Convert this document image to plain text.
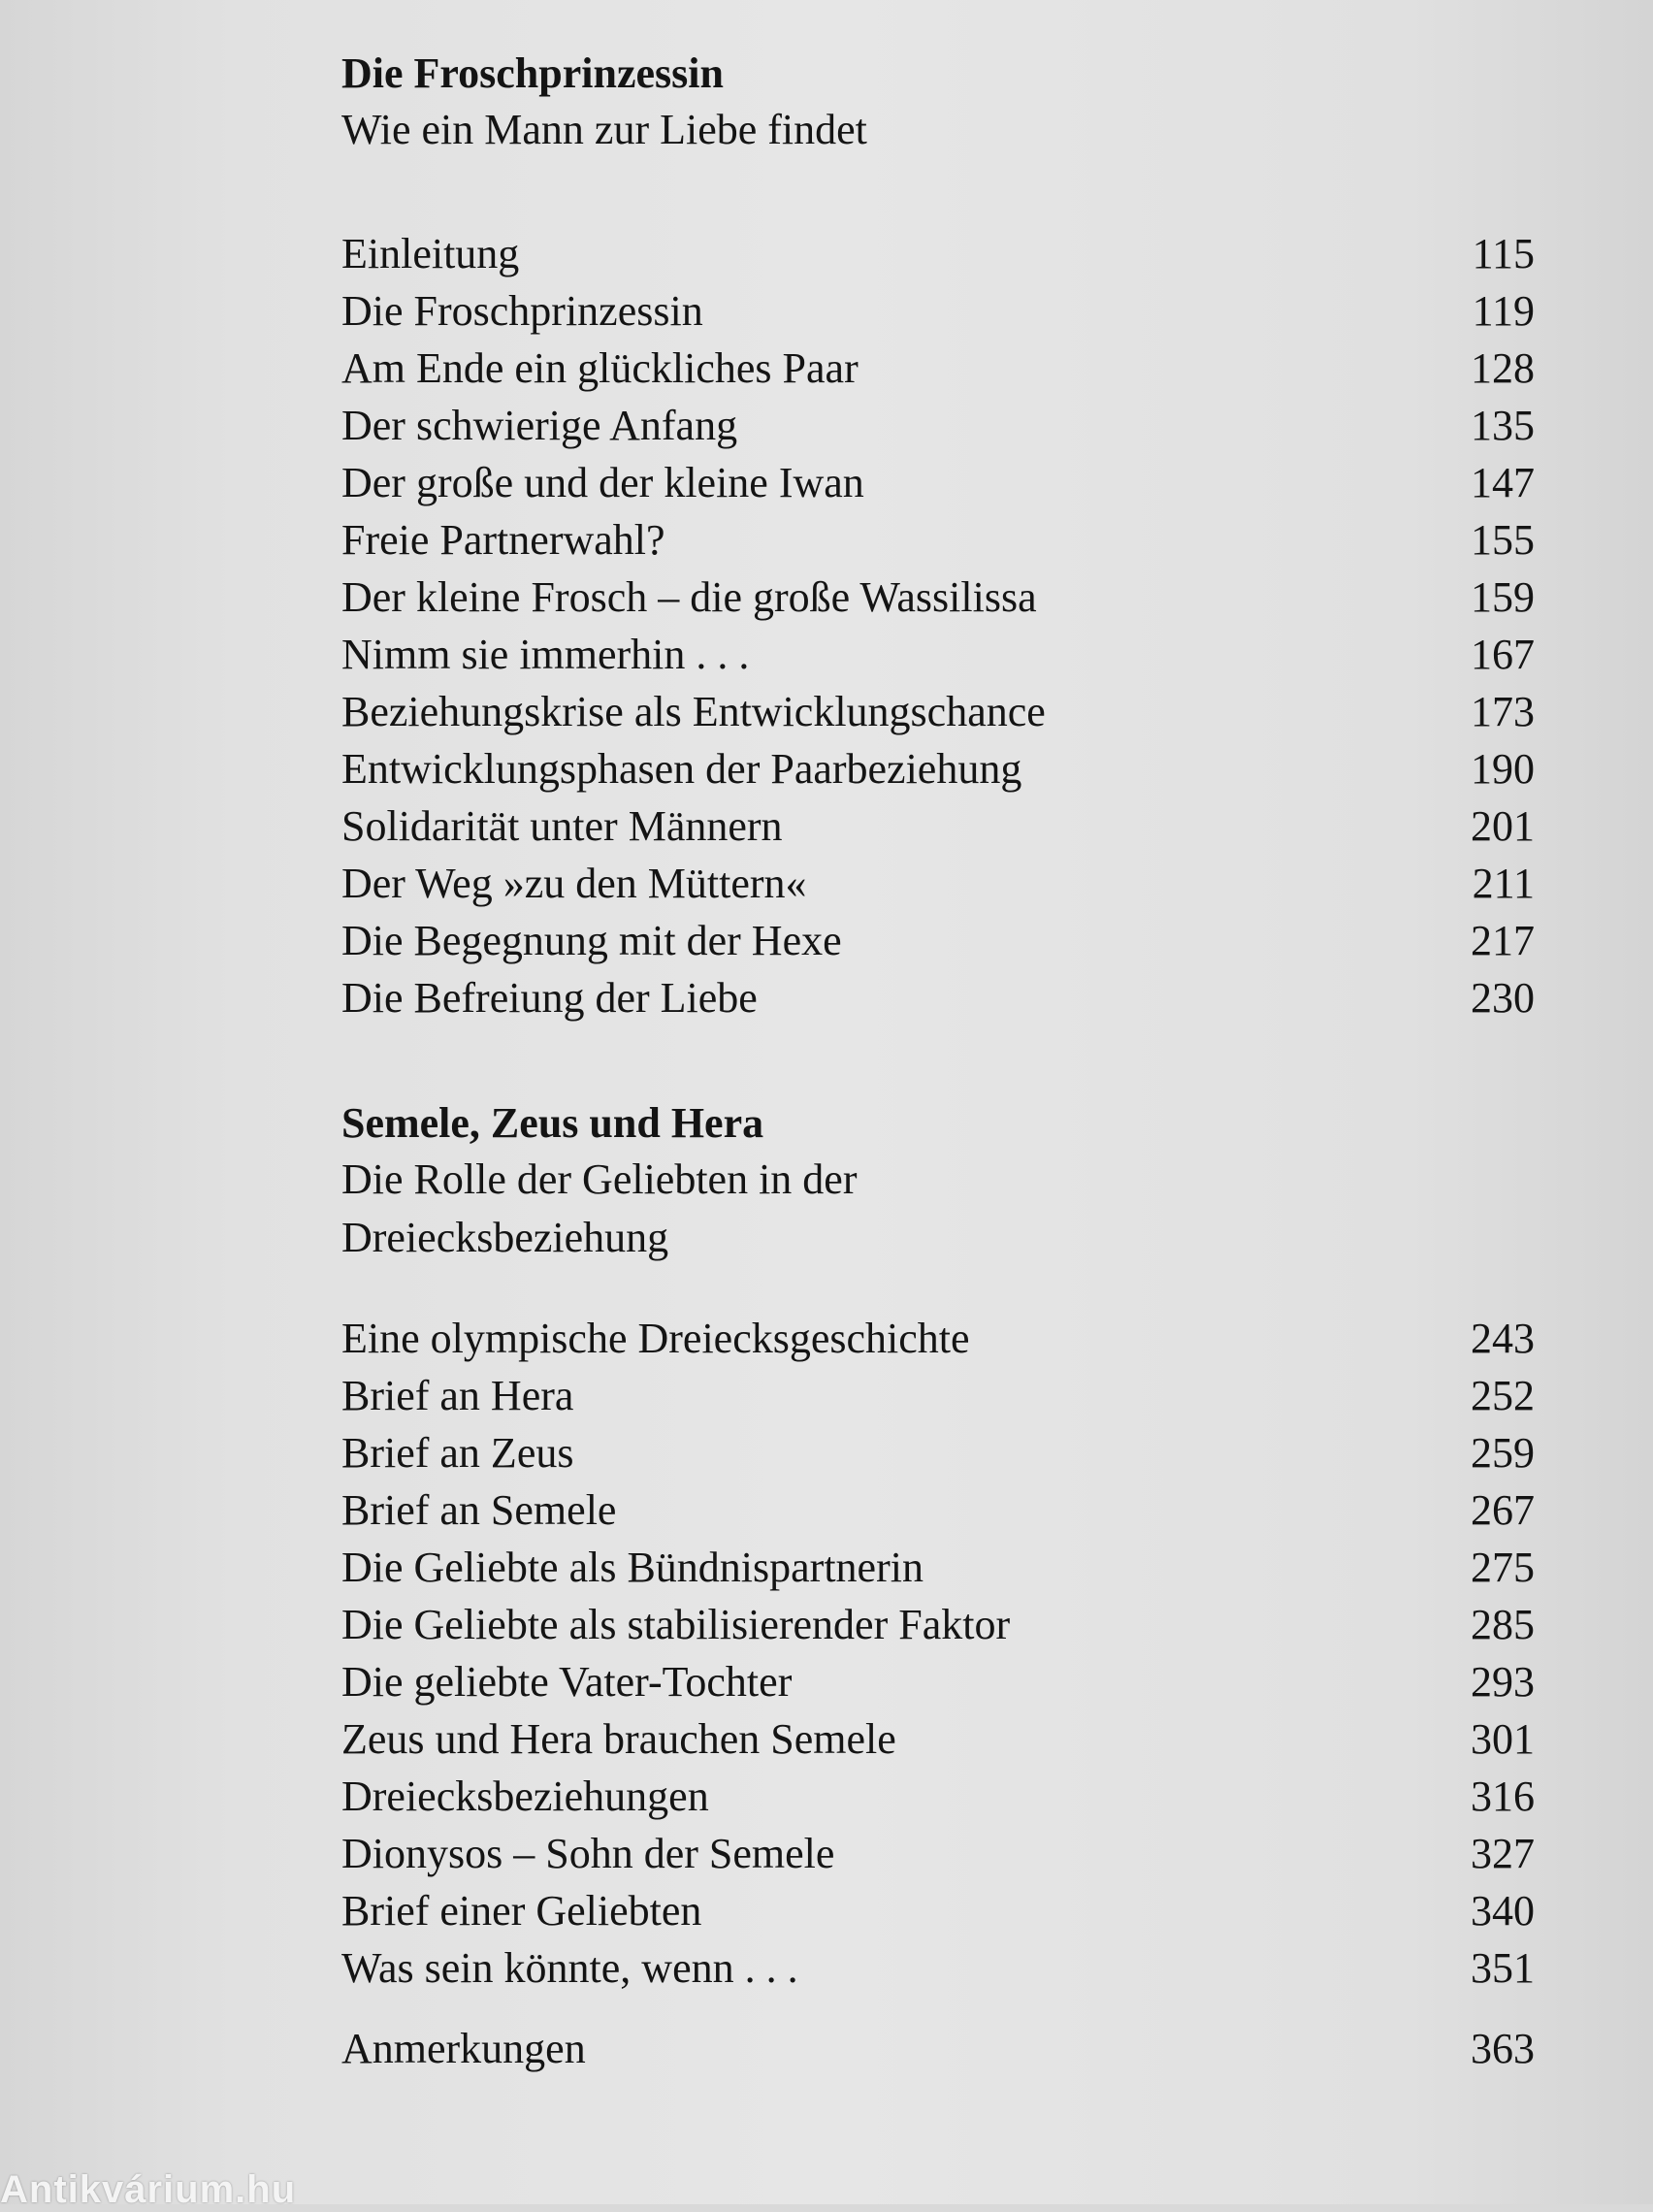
Die Froschprinzessin

Wie ein Mann zur Liebe findet

Einleitung	115
Die Froschprinzessin	119
Am Ende ein glückliches Paar	128
Der schwierige Anfang	135
Der große und der kleine Iwan	147
Freie Partnerwahl?	155
Der kleine Frosch – die große Wassilissa	159
Nimm sie immerhin . . .	167
Beziehungskrise als Entwicklungschance	173
Entwicklungsphasen der Paarbeziehung	190
Solidarität unter Männern	201
Der Weg »zu den Müttern«	211
Die Begegnung mit der Hexe	217
Die Befreiung der Liebe	230
Semele, Zeus und Hera

Die Rolle der Geliebten in der Dreiecksbeziehung

Eine olympische Dreiecksgeschichte	243
Brief an Hera	252
Brief an Zeus	259
Brief an Semele	267
Die Geliebte als Bündnispartnerin	275
Die Geliebte als stabilisierender Faktor	285
Die geliebte Vater-Tochter	293
Zeus und Hera brauchen Semele	301
Dreiecksbeziehungen	316
Dionysos – Sohn der Semele	327
Brief einer Geliebten	340
Was sein könnte, wenn . . .	351
Anmerkungen	363
Antikvárium.hu
